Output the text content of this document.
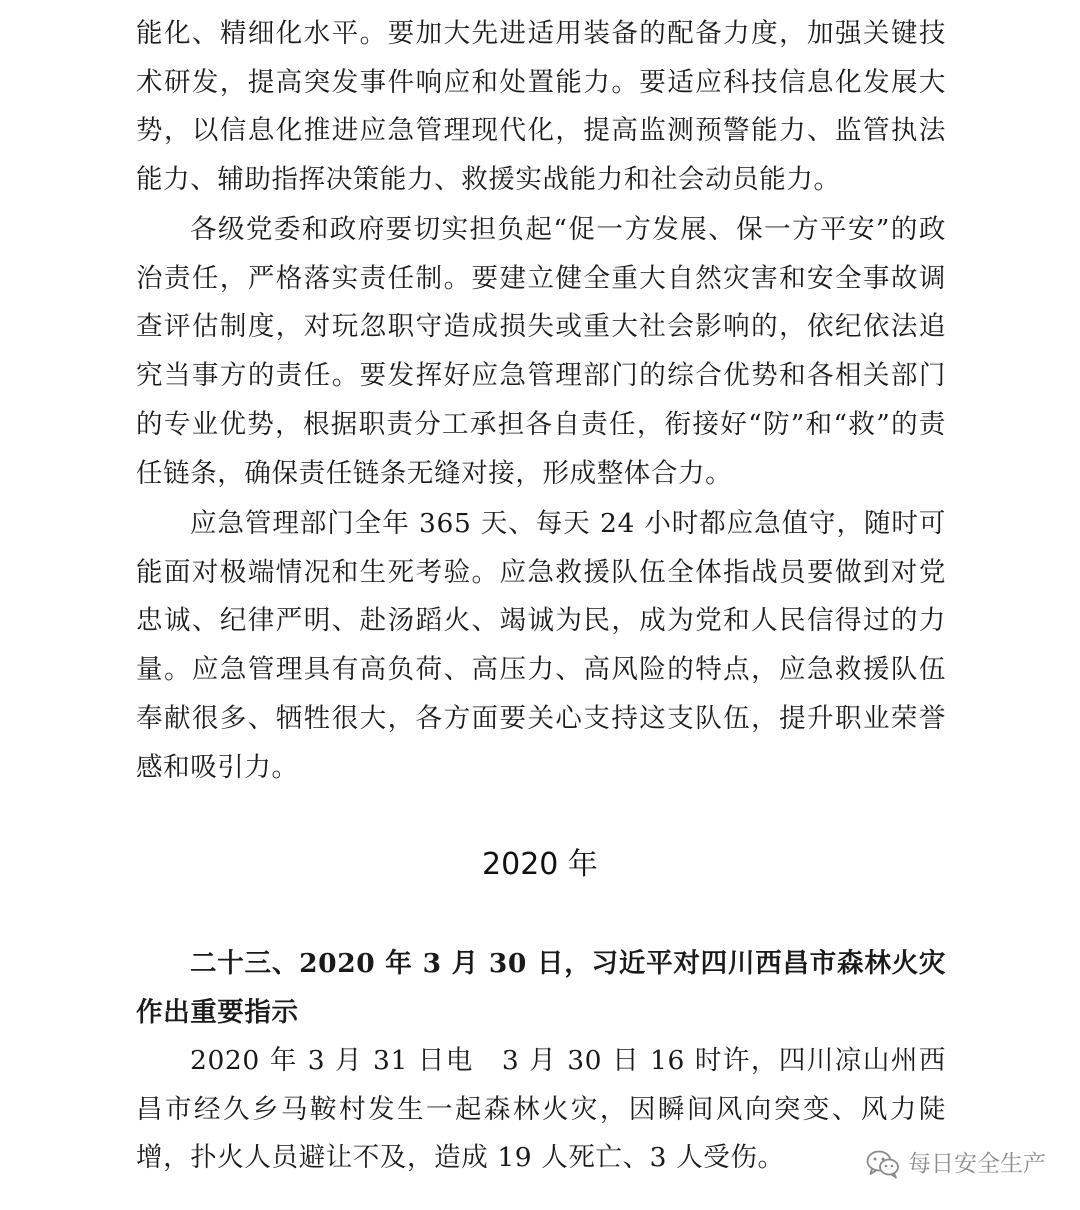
能化、精细化水平。要加大先进适用装备的配备力度，加强关键技术研发，提高突发事件响应和处置能力。要适应科技信息化发展大势，以信息化推进应急管理现代化，提高监测预警能力、监管执法能力、辅助指挥决策能力、救援实战能力和社会动员能力。

各级党委和政府要切实担负起“促一方发展、保一方平安”的政治责任，严格落实责任制。要建立健全重大自然灾害和安全事故调查评估制度，对玩忽职守造成损失或重大社会影响的，依纪依法追究当事方的责任。要发挥好应急管理部门的综合优势和各相关部门的专业优势，根据职责分工承担各自责任，衔接好“防”和“救”的责任链条，确保责任链条无缝对接，形成整体合力。

应急管理部门全年 365 天、每天 24 小时都应急值守，随时可能面对极端情况和生死考验。应急救援队伍全体指战员要做到对党忠诚、纪律严明、赴汤蹈火、竭诚为民，成为党和人民信得过的力量。应急管理具有高负荷、高压力、高风险的特点，应急救援队伍奉献很多、牺牲很大，各方面要关心支持这支队伍，提升职业荣誉感和吸引力。

2020 年
二十三、2020 年 3 月 30 日，习近平对四川西昌市森林火灾作出重要指示

2020 年 3 月 31 日电　3 月 30 日 16 时许，四川凉山州西昌市经久乡马鞍村发生一起森林火灾，因瞬间风向突变、风力陡增，扑火人员避让不及，造成 19 人死亡、3 人受伤。	每日安全生产
